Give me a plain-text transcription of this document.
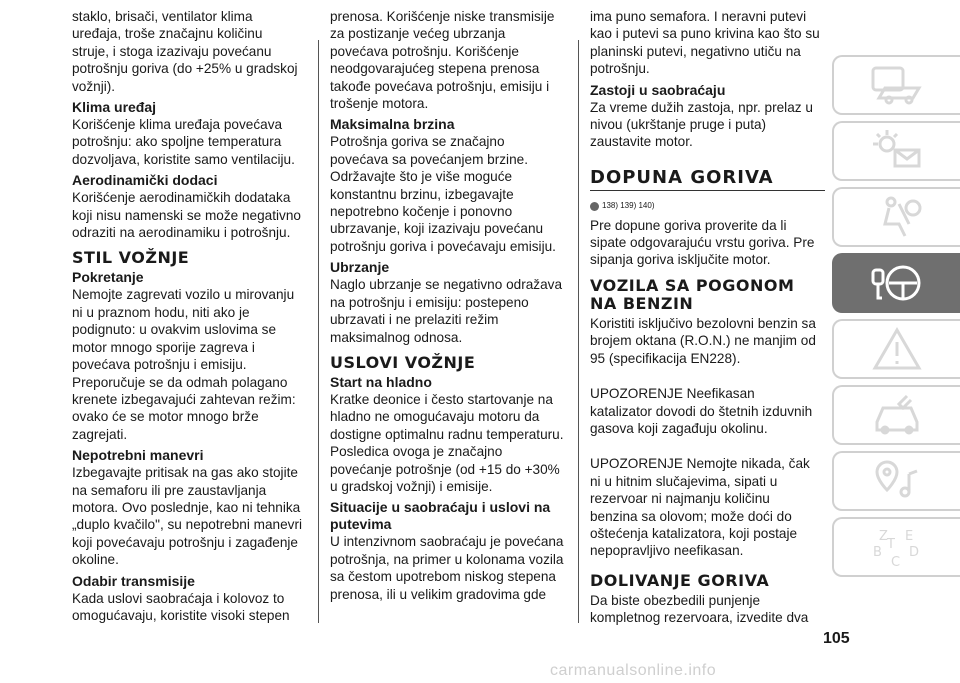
staklo, brisači, ventilator klima uređaja, troše značajnu količinu struje, i stoga izazivaju povećanu potrošnju goriva (do +25% u gradskoj vožnji).

Klima uređaj

Korišćenje klima uređaja povećava potrošnju: ako spoljne temperatura dozvoljava, koristite samo ventilaciju.

Aerodinamički dodaci

Korišćenje aerodinamičkih dodataka koji nisu namenski se može negativno odraziti na aerodinamiku i potrošnju.

STIL VOŽNJE
Pokretanje

Nemojte zagrevati vozilo u mirovanju ni u praznom hodu, niti ako je podignuto: u ovakvim uslovima se motor mnogo sporije zagreva i povećava potrošnju i emisiju. Preporučuje se da odmah polagano krenete izbegavajući zahtevan režim: ovako će se motor mnogo brže zagrejati.

Nepotrebni manevri

Izbegavajte pritisak na gas ako stojite na semaforu ili pre zaustavljanja motora. Ovo poslednje, kao ni tehnika „duplo kvačilo", su nepotrebni manevri koji povećavaju potrošnju i zagađenje okoline.

Odabir transmisije

Kada uslovi saobraćaja i kolovoz to omogućavaju, koristite visoki stepen

prenosa. Korišćenje niske transmisije za postizanje većeg ubrzanja povećava potrošnju. Korišćenje neodgovarajućeg stepena prenosa takođe povećava potrošnju, emisiju i trošenje motora.

Maksimalna brzina

Potrošnja goriva se značajno povećava sa povećanjem brzine. Održavajte što je više moguće konstantnu brzinu, izbegavajte nepotrebno kočenje i ponovno ubrzavanje, koji izazivaju povećanu potrošnju goriva i povećavaju emisiju.

Ubrzanje

Naglo ubrzanje se negativno odražava na potrošnju i emisiju: postepeno ubrzavati i ne prelaziti režim maksimalnog odnosa.

USLOVI VOŽNJE
Start na hladno

Kratke deonice i često startovanje na hladno ne omogućavaju motoru da dostigne optimalnu radnu temperaturu. Posledica ovoga je značajno povećanje potrošnje (od +15 do +30% u gradskoj vožnji) i emisije.

Situacije u saobraćaju i uslovi na putevima

U intenzivnom saobraćaju je povećana potrošnja, na primer u kolonama vozila sa čestom upotrebom niskog stepena prenosa, ili u velikim gradovima gde

ima puno semafora. I neravni putevi kao i putevi sa puno krivina kao što su planinski putevi, negativno utiču na potrošnju.

Zastoji u saobraćaju

Za vreme dužih zastoja, npr. prelaz u nivou (ukrštanje pruge i puta) zaustavite motor.

DOPUNA GORIVA
138) 139) 140)

Pre dopune goriva proverite da li sipate odgovarajuću vrstu goriva. Pre sipanja goriva isključite motor.

VOZILA SA POGONOM NA BENZIN

Koristiti isključivo bezolovni benzin sa brojem oktana (R.O.N.) ne manjim od 95 (specifikacija EN228).

UPOZORENJE Neefikasan katalizator dovodi do štetnih izduvnih gasova koji zagađuju okolinu.

UPOZORENJE Nemojte nikada, čak ni u hitnim slučajevima, sipati u rezervoar ni najmanju količinu benzina sa olovom; može doći do oštećenja katalizatora, koji postaje nepopravljivo neefikasan.

DOLIVANJE GORIVA

Da biste obezbedili punjenje kompletnog rezervoara, izvedite dva

105
Z E
B D
C
T
carmanualsonline.info
